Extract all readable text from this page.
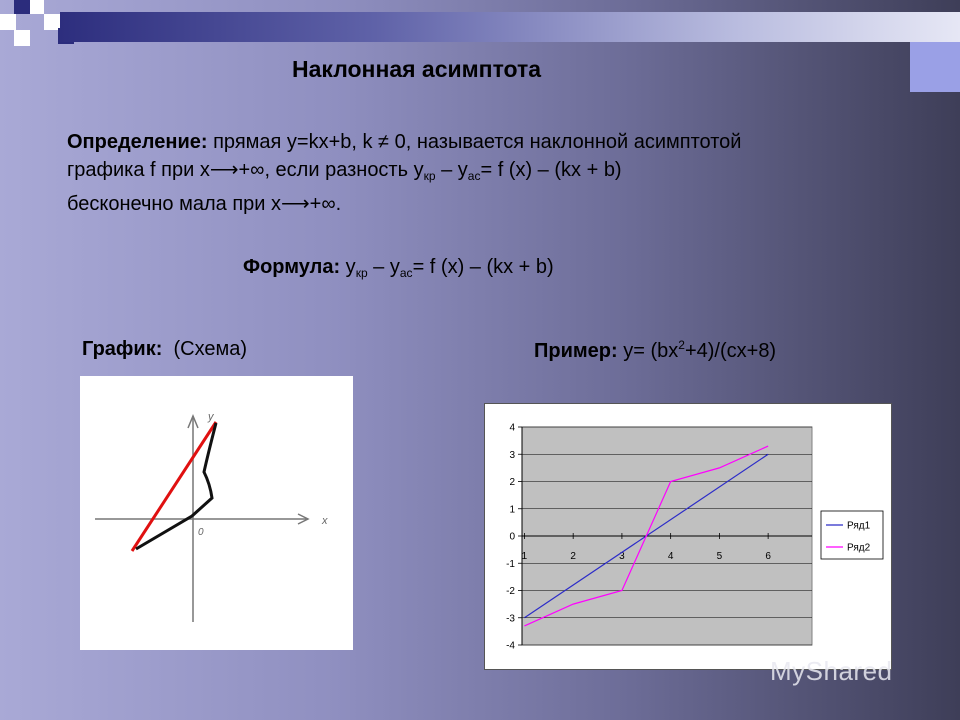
Наклонная асимптота
Определение: прямая y=kx+b, k ≠ 0, называется наклонной асимптотой
графика f при x⟶+∞, если разность $y_{кр} - y_{ас}= f$ (x) – (kx + b)
бесконечно мала при x⟶+∞.
Формула: $y_{кр} - y_{ас}= f$ (x) – (kx + b)
График:  (Схема)	Пример: $y= (bx^2+4)/(cx+8)$
x
y
0
4
3
2
1
0
-1
-2
-3
-4
1	2	3	4	5	6
Ряд1
Ряд2
MyShared
